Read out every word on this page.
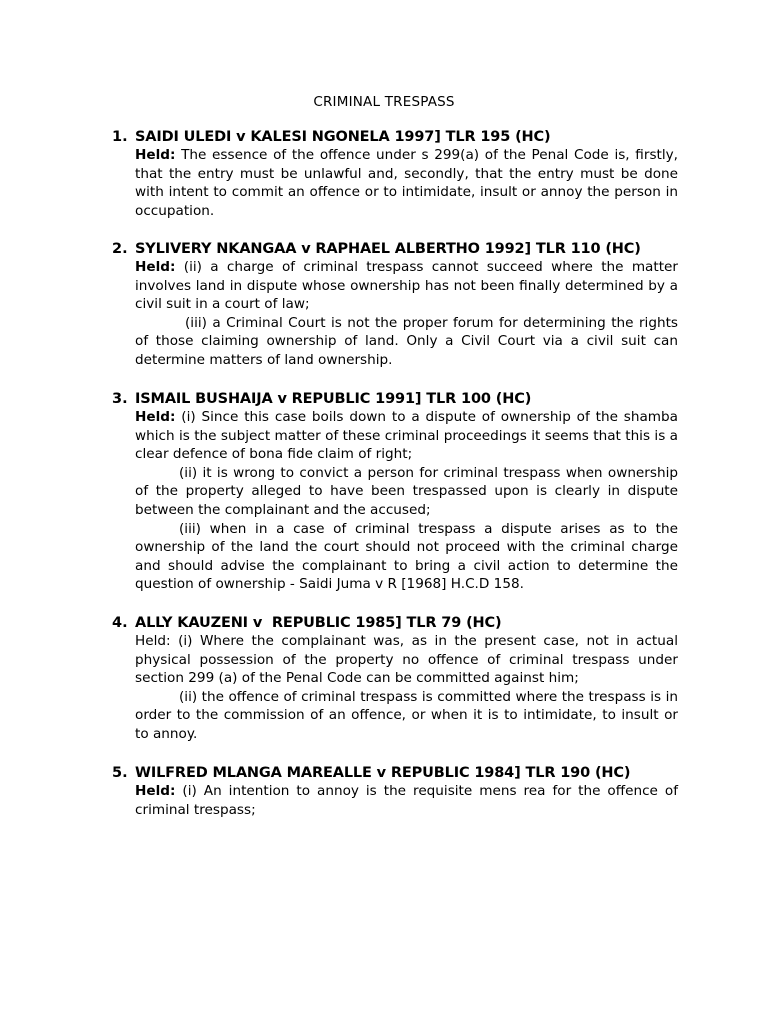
CRIMINAL TRESPASS
1. SAIDI ULEDI v KALESI NGONELA 1997] TLR 195 (HC)

Held: The essence of the offence under s 299(a) of the Penal Code is, firstly, that the entry must be unlawful and, secondly, that the entry must be done with intent to commit an offence or to intimidate, insult or annoy the person in occupation.

2. SYLIVERY NKANGAA v RAPHAEL ALBERTHO 1992] TLR 110 (HC)

Held: (ii) a charge of criminal trespass cannot succeed where the matter involves land in dispute whose ownership has not been finally determined by a civil suit in a court of law;

(iii) a Criminal Court is not the proper forum for determining the rights of those claiming ownership of land. Only a Civil Court via a civil suit can determine matters of land ownership.

3. ISMAIL BUSHAIJA v REPUBLIC 1991] TLR 100 (HC)

Held: (i) Since this case boils down to a dispute of ownership of the shamba which is the subject matter of these criminal proceedings it seems that this is a clear defence of bona fide claim of right;

(ii) it is wrong to convict a person for criminal trespass when ownership of the property alleged to have been trespassed upon is clearly in dispute between the complainant and the accused;

(iii) when in a case of criminal trespass a dispute arises as to the ownership of the land the court should not proceed with the criminal charge and should advise the complainant to bring a civil action to determine the question of ownership - Saidi Juma v R [1968] H.C.D 158.

4. ALLY KAUZENI v  REPUBLIC 1985] TLR 79 (HC)

Held: (i) Where the complainant was, as in the present case, not in actual physical possession of the property no offence of criminal trespass under section 299 (a) of the Penal Code can be committed against him;

(ii) the offence of criminal trespass is committed where the trespass is in order to the commission of an offence, or when it is to intimidate, to insult or to annoy.

5. WILFRED MLANGA MAREALLE v REPUBLIC 1984] TLR 190 (HC)

Held: (i) An intention to annoy is the requisite mens rea for the offence of criminal trespass;
